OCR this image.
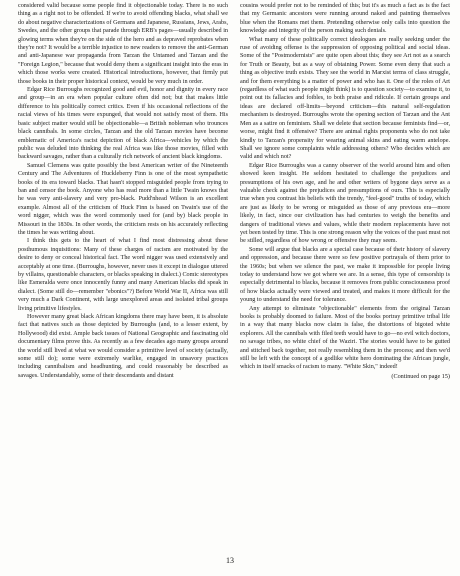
considered valid because some people find it objectionable today. There is no such thing as a right not to be offended. If we're to avoid offending blacks, what shall we do about negative characterizations of Germans and Japanese, Russians, Jews, Arabs, Swedes, and the other groups that parade through ERB's pages—usually described in glowing terms when they're on the side of the hero and as depraved reprobates when they're not? It would be a terrible injustice to new readers to remove the anti-German and anti-Japanese war propaganda from Tarzan the Untamed and Tarzan and the "Foreign Legion," because that would deny them a significant insight into the eras in which those works were created. Historical introductions, however, that firmly put those books in their proper historical context, would be very much in order.

Edgar Rice Burroughs recognized good and evil, honor and dignity in every race and group—in an era when popular culture often did not; but that makes little difference to his politically correct critics. Even if his occasional reflections of the racial views of his times were expunged, that would not satisfy most of them. His basic subject matter would still be objectionable—a British nobleman who trounces black cannibals. In some circles, Tarzan and the old Tarzan movies have become emblematic of America's racist depiction of black Africa—vehicles by which the public was deluded into thinking the real Africa was like those movies, filled with backward savages, rather than a culturally rich network of ancient black kingdoms.

Samuel Clemens was quite possibly the best American writer of the Nineteenth Century and The Adventures of Huckleberry Finn is one of the most sympathetic books of its era toward blacks. That hasn't stopped misguided people from trying to ban and censor the book. Anyone who has read more than a little Twain knows that he was very anti-slavery and very pro-black. Pudd'nhead Wilson is an excellent example. Almost all of the criticism of Huck Finn is based on Twain's use of the word nigger, which was the word commonly used for (and by) black people in Missouri in the 1830s. In other words, the criticism rests on his accurately reflecting the times he was writing about.

I think this gets to the heart of what I find most distressing about these posthumous inquisitions: Many of these charges of racism are motivated by the desire to deny or conceal historical fact. The word nigger was used extensively and acceptably at one time. (Burroughs, however, never uses it except in dialogue uttered by villains, questionable characters, or blacks speaking in dialect.) Comic stereotypes like Esmeralda were once innocently funny and many American blacks did speak in dialect. (Some still do—remember "ebonics"?) Before World War II, Africa was still very much a Dark Continent, with large unexplored areas and isolated tribal groups living primitive lifestyles.

However many great black African kingdoms there may have been, it is absolute fact that natives such as those depicted by Burroughs (and, to a lesser extent, by Hollywood) did exist. Ample back issues of National Geographic and fascinating old documentary films prove this. As recently as a few decades ago many groups around the world still lived at what we would consider a primitive level of society (actually, some still do); some were extremely warlike, engaged in unsavory practices including cannibalism and headhunting, and could reasonably be described as savages. Understandably, some of their descendants and distant

cousins would prefer not to be reminded of this; but it's as much a fact as is the fact that my Germanic ancestors were running around naked and painting themselves blue when the Romans met them. Pretending otherwise only calls into question the knowledge and integrity of the person making such denials.

What many of these politically correct ideologues are really seeking under the ruse of avoiding offense is the suppression of opposing political and social ideas. Some of the "Postmodernists" are quite open about this; they see Art not as a search for Truth or Beauty, but as a way of obtaining Power. Some even deny that such a thing as objective truth exists. They see the world in Marxist terms of class struggle, and for them everything is a matter of power and who has it. One of the roles of Art (regardless of what such people might think) is to question society—to examine it, to point out its fallacies and foibles, to both praise and ridicule. If certain groups and ideas are declared off-limits—beyond criticism—this natural self-regulation mechanism is destroyed. Burroughs wrote the opening section of Tarzan and the Ant Men as a satire on feminism. Shall we delete that section because feminists find—or, worse, might find it offensive? There are animal rights proponents who do not take kindly to Tarzan's propensity for wearing animal skins and eating warm antelope. Shall we ignore some complaints while addressing others? Who decides which are valid and which not?

Edgar Rice Burroughs was a canny observer of the world around him and often showed keen insight. He seldom hesitated to challenge the prejudices and presumptions of his own age, and he and other writers of bygone days serve as a valuable check against the prejudices and presumptions of ours. This is especially true when you contrast his beliefs with the trendy, "feel-good" truths of today, which are just as likely to be wrong or misguided as those of any previous era—more likely, in fact, since our civilization has had centuries to weigh the benefits and dangers of traditional views and values, while their modern replacements have not yet been tested by time. This is one strong reason why the voices of the past must not be stilled, regardless of how wrong or offensive they may seem.

Some will argue that blacks are a special case because of their history of slavery and oppression, and because there were so few positive portrayals of them prior to the 1960s; but when we silence the past, we make it impossible for people living today to understand how we got where we are. In a sense, this type of censorship is especially detrimental to blacks, because it removes from public consciousness proof of how blacks actually were viewed and treated, and makes it more difficult for the young to understand the need for tolerance.

Any attempt to eliminate "objectionable" elements from the original Tarzan books is probably doomed to failure. Most of the books portray primitive tribal life in a way that many blacks now claim is false, the distortions of bigoted white explorers. All the cannibals with filed teeth would have to go—no evil witch doctors, no savage tribes, no white chief of the Waziri. The stories would have to be gutted and stitched back together, not really resembling them in the process; and then we'd still be left with the concept of a godlike white hero dominating the African jungle, which in itself smacks of racism to many. "White Skin," indeed!

(Continued on page 15)
13
